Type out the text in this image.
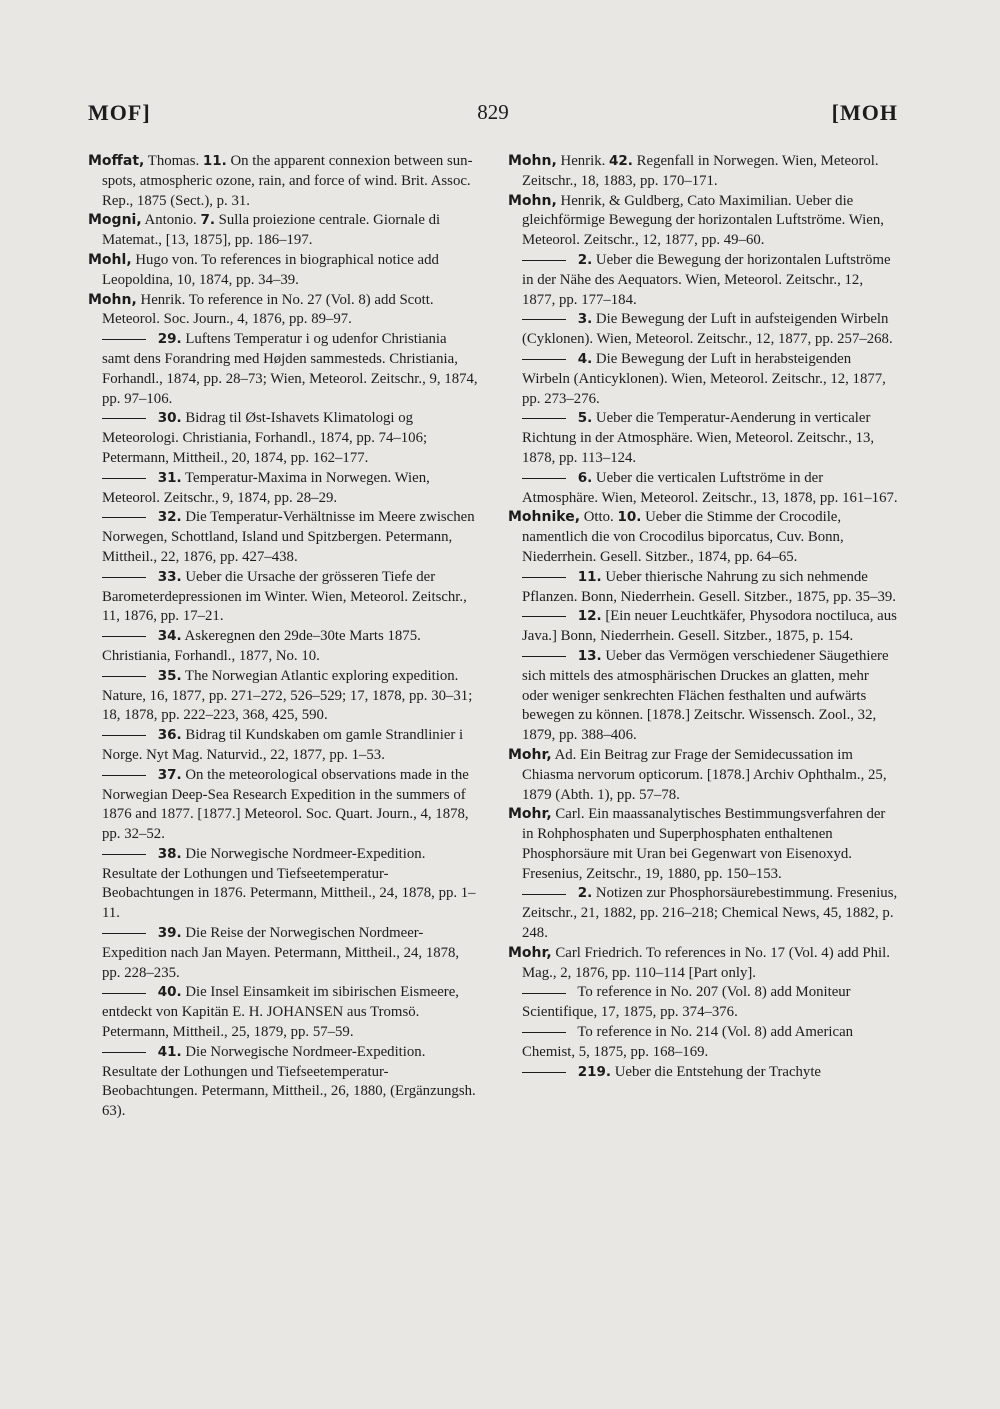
MOF]	829	[MOH

Moffat, Thomas. 11. On the apparent connexion between sun-spots, atmospheric ozone, rain, and force of wind. Brit. Assoc. Rep., 1875 (Sect.), p. 31.

Mogni, Antonio. 7. Sulla proiezione centrale. Giornale di Matemat., [13, 1875], pp. 186–197.

Mohl, Hugo von. To references in biographical notice add Leopoldina, 10, 1874, pp. 34–39.

Mohn, Henrik. To reference in No. 27 (Vol. 8) add Scott. Meteorol. Soc. Journ., 4, 1876, pp. 89–97.

29. Luftens Temperatur i og udenfor Christiania samt dens Forandring med Højden sammesteds. Christiania, Forhandl., 1874, pp. 28–73; Wien, Meteorol. Zeitschr., 9, 1874, pp. 97–106.

30. Bidrag til Øst-Ishavets Klimatologi og Meteorologi. Christiania, Forhandl., 1874, pp. 74–106; Petermann, Mittheil., 20, 1874, pp. 162–177.

31. Temperatur-Maxima in Norwegen. Wien, Meteorol. Zeitschr., 9, 1874, pp. 28–29.

32. Die Temperatur-Verhältnisse im Meere zwischen Norwegen, Schottland, Island und Spitzbergen. Petermann, Mittheil., 22, 1876, pp. 427–438.

33. Ueber die Ursache der grösseren Tiefe der Barometerdepressionen im Winter. Wien, Meteorol. Zeitschr., 11, 1876, pp. 17–21.

34. Askeregnen den 29de–30te Marts 1875. Christiania, Forhandl., 1877, No. 10.

35. The Norwegian Atlantic exploring expedition. Nature, 16, 1877, pp. 271–272, 526–529; 17, 1878, pp. 30–31; 18, 1878, pp. 222–223, 368, 425, 590.

36. Bidrag til Kundskaben om gamle Strandlinier i Norge. Nyt Mag. Naturvid., 22, 1877, pp. 1–53.

37. On the meteorological observations made in the Norwegian Deep-Sea Research Expedition in the summers of 1876 and 1877. [1877.] Meteorol. Soc. Quart. Journ., 4, 1878, pp. 32–52.

38. Die Norwegische Nordmeer-Expedition. Resultate der Lothungen und Tiefseetemperatur-Beobachtungen in 1876. Petermann, Mittheil., 24, 1878, pp. 1–11.

39. Die Reise der Norwegischen Nordmeer-Expedition nach Jan Mayen. Petermann, Mittheil., 24, 1878, pp. 228–235.

40. Die Insel Einsamkeit im sibirischen Eismeere, entdeckt von Kapitän E. H. JOHANSEN aus Tromsö. Petermann, Mittheil., 25, 1879, pp. 57–59.

41. Die Norwegische Nordmeer-Expedition. Resultate der Lothungen und Tiefseetemperatur-Beobachtungen. Petermann, Mittheil., 26, 1880, (Ergänzungsh. 63).

Mohn, Henrik. 42. Regenfall in Norwegen. Wien, Meteorol. Zeitschr., 18, 1883, pp. 170–171.

Mohn, Henrik, & Guldberg, Cato Maximilian. Ueber die gleichförmige Bewegung der horizontalen Luftströme. Wien, Meteorol. Zeitschr., 12, 1877, pp. 49–60.

2. Ueber die Bewegung der horizontalen Luftströme in der Nähe des Aequators. Wien, Meteorol. Zeitschr., 12, 1877, pp. 177–184.

3. Die Bewegung der Luft in aufsteigenden Wirbeln (Cyklonen). Wien, Meteorol. Zeitschr., 12, 1877, pp. 257–268.

4. Die Bewegung der Luft in herabsteigenden Wirbeln (Anticyklonen). Wien, Meteorol. Zeitschr., 12, 1877, pp. 273–276.

5. Ueber die Temperatur-Aenderung in verticaler Richtung in der Atmosphäre. Wien, Meteorol. Zeitschr., 13, 1878, pp. 113–124.

6. Ueber die verticalen Luftströme in der Atmosphäre. Wien, Meteorol. Zeitschr., 13, 1878, pp. 161–167.

Mohnike, Otto. 10. Ueber die Stimme der Crocodile, namentlich die von Crocodilus biporcatus, Cuv. Bonn, Niederrhein. Gesell. Sitzber., 1874, pp. 64–65.

11. Ueber thierische Nahrung zu sich nehmende Pflanzen. Bonn, Niederrhein. Gesell. Sitzber., 1875, pp. 35–39.

12. [Ein neuer Leuchtkäfer, Physodora noctiluca, aus Java.] Bonn, Niederrhein. Gesell. Sitzber., 1875, p. 154.

13. Ueber das Vermögen verschiedener Säugethiere sich mittels des atmosphärischen Druckes an glatten, mehr oder weniger senkrechten Flächen festhalten und aufwärts bewegen zu können. [1878.] Zeitschr. Wissensch. Zool., 32, 1879, pp. 388–406.

Mohr, Ad. Ein Beitrag zur Frage der Semidecussation im Chiasma nervorum opticorum. [1878.] Archiv Ophthalm., 25, 1879 (Abth. 1), pp. 57–78.

Mohr, Carl. Ein maassanalytisches Bestimmungsverfahren der in Rohphosphaten und Superphosphaten enthaltenen Phosphorsäure mit Uran bei Gegenwart von Eisenoxyd. Fresenius, Zeitschr., 19, 1880, pp. 150–153.

2. Notizen zur Phosphorsäurebestimmung. Fresenius, Zeitschr., 21, 1882, pp. 216–218; Chemical News, 45, 1882, p. 248.

Mohr, Carl Friedrich. To references in No. 17 (Vol. 4) add Phil. Mag., 2, 1876, pp. 110–114 [Part only].

To reference in No. 207 (Vol. 8) add Moniteur Scientifique, 17, 1875, pp. 374–376.

To reference in No. 214 (Vol. 8) add American Chemist, 5, 1875, pp. 168–169.

219. Ueber die Entstehung der Trachyte
